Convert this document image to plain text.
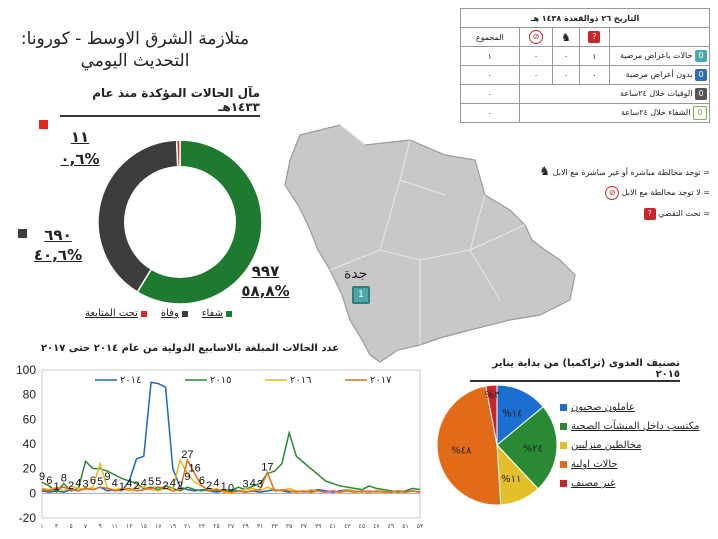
متلازمة الشرق الاوسط - كورونا:
التحديث اليومي
مآل الحالات المؤكدة منذ عام ١٤٣٣هـ
١١
%٠,٦
٦٩٠
%٤٠,٦
٩٩٧
%٥٨,٨
شفاء
وفاة
تحت المتابعة
جدة
1
التاريخ ٢٦ ذوالقعدة ١٤٣٨ هـ				
	?	♞	⊘	المجموع
0 حالات باعراض مرضية	١	٠	٠	١
0 بدون أعراض مرضية	٠	٠	٠	٠
0 الوفيات خلال ٢٤ساعة				٠
0 الشفاء خلال ٢٤ساعة				٠
= توجد مخالطة مباشرة أو غير مباشرة مع الابل ♞
= لا توجد مخالطة مع الابل ⊘
= تحت التقصي ?
عدد الحالات المبلغة بالاسابيع الدولية من عام ٢٠١٤ حتى ٢٠١٧
-20
0
20
40
60
80
100
١ ٣ ٥ ٧ ٩ ١١ ١٣ ١٥ ١٧ ١٩ ٢١ ٢٣ ٢٥ ٢٧ ٢٩ ٣١ ٣٣ ٣٥ ٣٧ ٣٩ ٤١ ٤٣ ٤٥ ٤٧ ٤٩ ٥١ ٥٣
٢٠١٤	٢٠١٥	٢٠١٦	٢٠١٧
9 6
1
8
2 4 3 6 5 9
4 1 4 2 4 5 5 2 4 2
9
27
16
6 2 4 1 0 3 4 3
17
تصنيف العدوى (تراكميا) من بداية يناير ٢٠١٥
%١٤
%٢٤
%١١
%٤٨
%٣
عاملون صحيون
مكتسب داخل المنشآت الصحية
مخالطين منزليين
حالات اولية
غير مصنف
